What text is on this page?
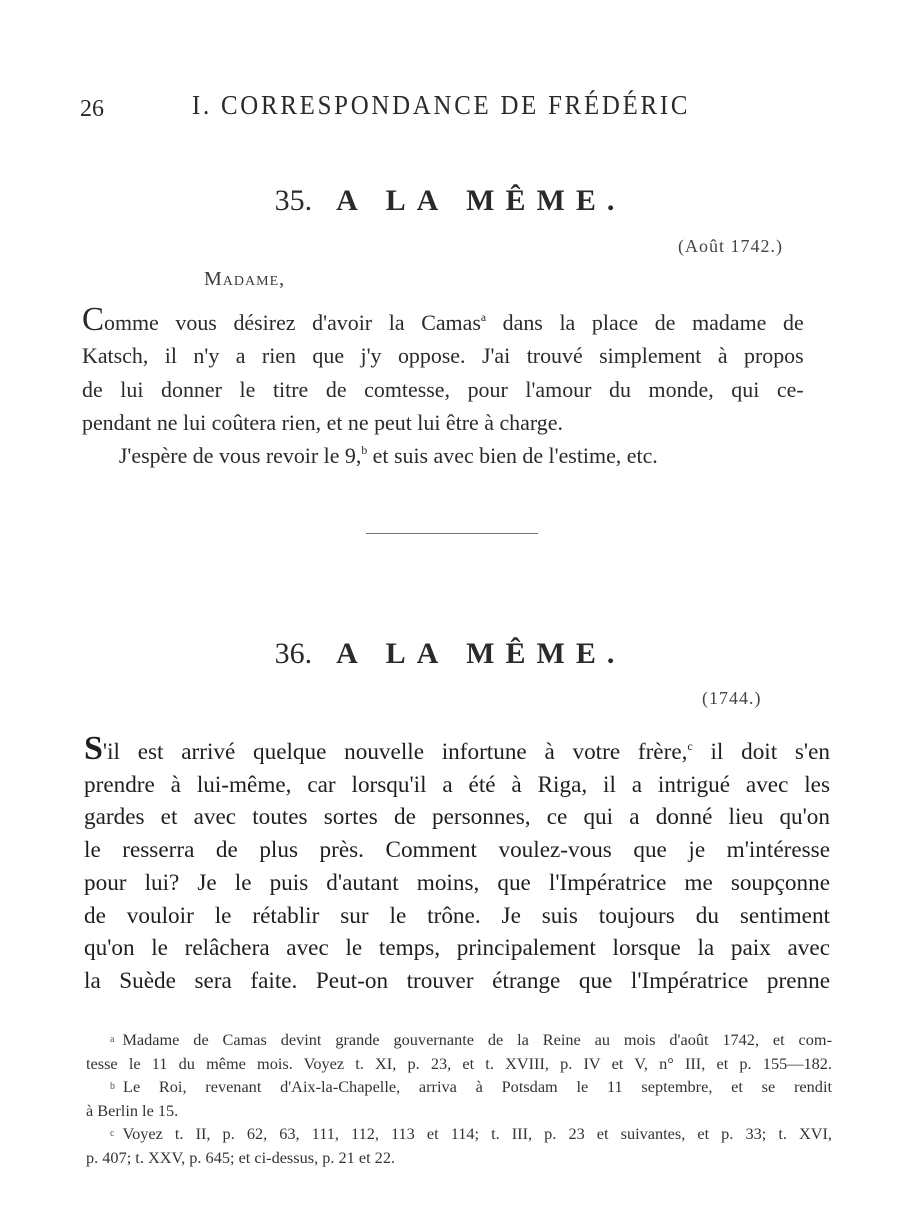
26	I. CORRESPONDANCE DE FRÉDÉRIC
35. A LA MÊME.
(Août 1742.)
Madame,
Comme vous désirez d'avoir la Camas$^a$ dans la place de madame de
Katsch, il n'y a rien que j'y oppose. J'ai trouvé simplement à propos
de lui donner le titre de comtesse, pour l'amour du monde, qui ce-
pendant ne lui coûtera rien, et ne peut lui être à charge.
J'espère de vous revoir le 9,$^b$ et suis avec bien de l'estime, etc.
36. A LA MÊME.
(1744.)
S'il est arrivé quelque nouvelle infortune à votre frère,$^c$ il doit s'en
prendre à lui-même, car lorsqu'il a été à Riga, il a intrigué avec les
gardes et avec toutes sortes de personnes, ce qui a donné lieu qu'on
le resserra de plus près. Comment voulez-vous que je m'intéresse
pour lui? Je le puis d'autant moins, que l'Impératrice me soupçonne
de vouloir le rétablir sur le trône. Je suis toujours du sentiment
qu'on le relâchera avec le temps, principalement lorsque la paix avec
la Suède sera faite. Peut-on trouver étrange que l'Impératrice prenne
a Madame de Camas devint grande gouvernante de la Reine au mois d'août 1742, et com-
tesse le 11 du même mois. Voyez t. XI, p. 23, et t. XVIII, p. IV et V, n° III, et p. 155—182.
b Le Roi, revenant d'Aix-la-Chapelle, arriva à Potsdam le 11 septembre, et se rendit
à Berlin le 15.
c Voyez t. II, p. 62, 63, 111, 112, 113 et 114; t. III, p. 23 et suivantes, et p. 33; t. XVI,
p. 407; t. XXV, p. 645; et ci-dessus, p. 21 et 22.
